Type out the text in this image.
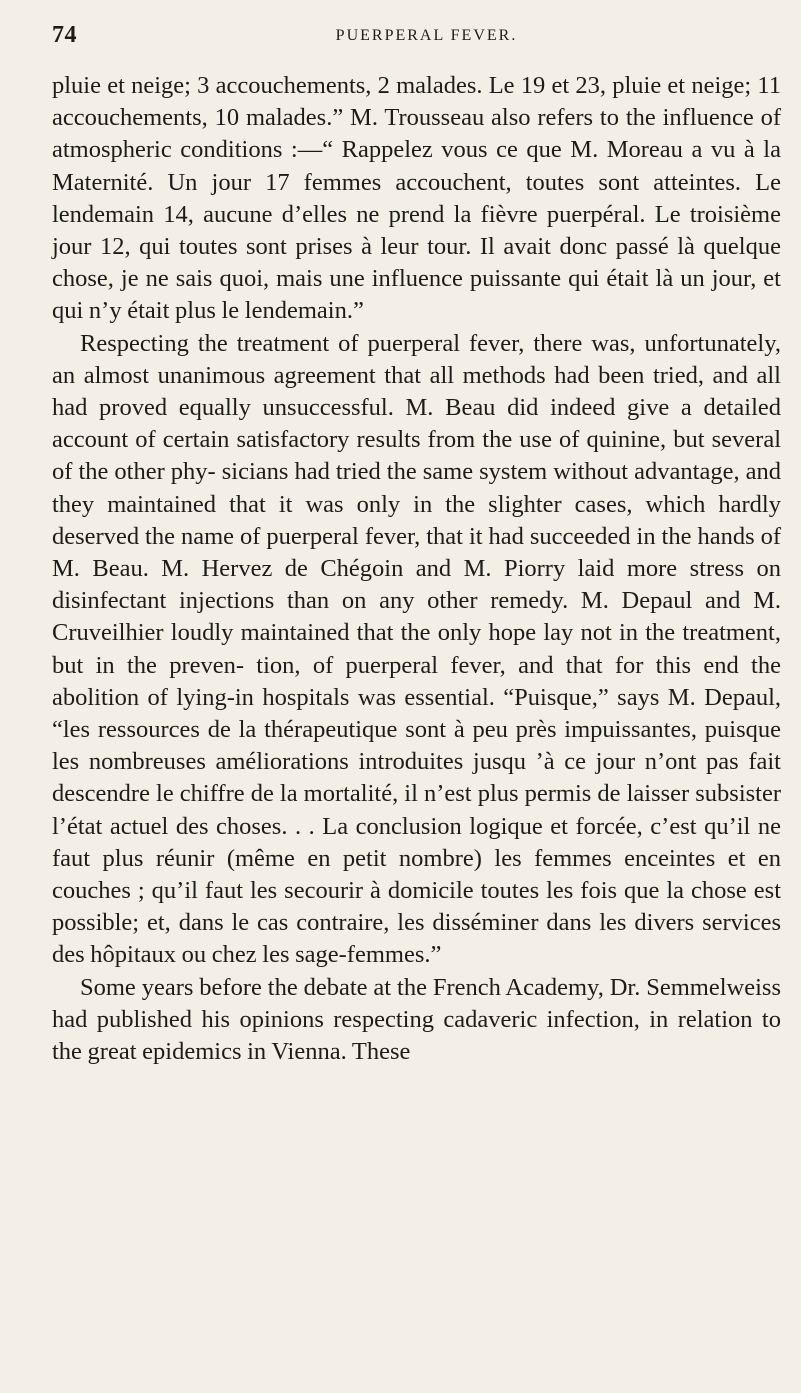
74	PUERPERAL FEVER.

pluie et neige; 3 accouchements, 2 malades. Le 19 et 23, pluie et neige; 11 accouchements, 10 malades.” M. Trousseau also refers to the influence of atmospheric conditions :—“ Rappelez vous ce que M. Moreau a vu à la Maternité. Un jour 17 femmes accouchent, toutes sont atteintes. Le lendemain 14, aucune d’elles ne prend la fièvre puerpéral. Le troisième jour 12, qui toutes sont prises à leur tour. Il avait donc passé là quelque chose, je ne sais quoi, mais une influence puissante qui était là un jour, et qui n’y était plus le lendemain.”

Respecting the treatment of puerperal fever, there was, unfortunately, an almost unanimous agreement that all methods had been tried, and all had proved equally unsuccessful. M. Beau did indeed give a detailed account of certain satisfactory results from the use of quinine, but several of the other phy- sicians had tried the same system without advantage, and they maintained that it was only in the slighter cases, which hardly deserved the name of puerperal fever, that it had succeeded in the hands of M. Beau. M. Hervez de Chégoin and M. Piorry laid more stress on disinfectant injections than on any other remedy. M. Depaul and M. Cruveilhier loudly maintained that the only hope lay not in the treatment, but in the preven- tion, of puerperal fever, and that for this end the abolition of lying-in hospitals was essential. “Puisque,” says M. Depaul, “les ressources de la thérapeutique sont à peu près impuissantes, puisque les nombreuses améliorations introduites jusqu ’à ce jour n’ont pas fait descendre le chiffre de la mortalité, il n’est plus permis de laisser subsister l’état actuel des choses. . . La conclusion logique et forcée, c’est qu’il ne faut plus réunir (même en petit nombre) les femmes enceintes et en couches ; qu’il faut les secourir à domicile toutes les fois que la chose est possible; et, dans le cas contraire, les disséminer dans les divers services des hôpitaux ou chez les sage-femmes.”

Some years before the debate at the French Academy, Dr. Semmelweiss had published his opinions respecting cadaveric infection, in relation to the great epidemics in Vienna. These
